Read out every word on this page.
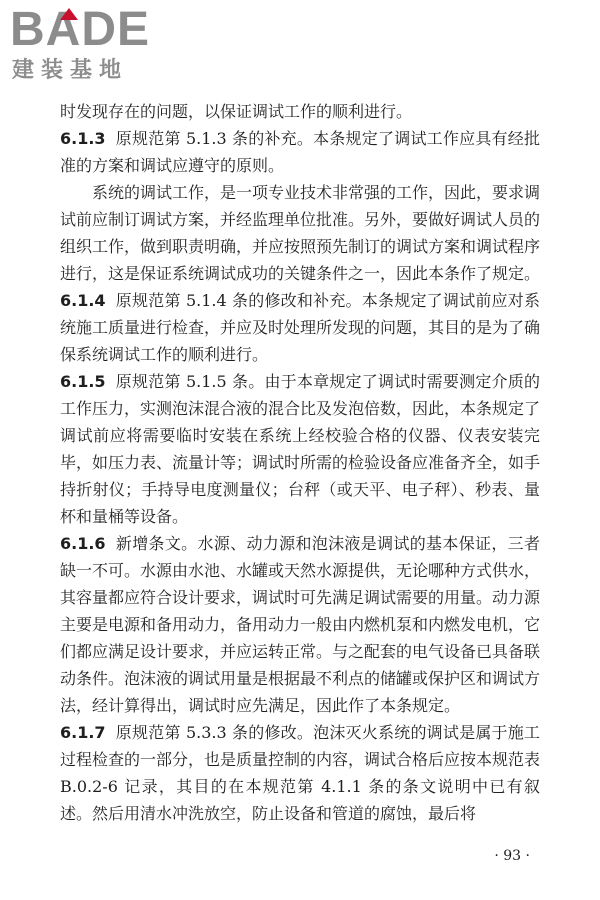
BADE
建装基地

时发现存在的问题，以保证调试工作的顺利进行。

6.1.3 原规范第 5.1.3 条的补充。本条规定了调试工作应具有经批准的方案和调试应遵守的原则。

系统的调试工作，是一项专业技术非常强的工作，因此，要求调试前应制订调试方案，并经监理单位批准。另外，要做好调试人员的组织工作，做到职责明确，并应按照预先制订的调试方案和调试程序进行，这是保证系统调试成功的关键条件之一，因此本条作了规定。

6.1.4 原规范第 5.1.4 条的修改和补充。本条规定了调试前应对系统施工质量进行检查，并应及时处理所发现的问题，其目的是为了确保系统调试工作的顺利进行。

6.1.5 原规范第 5.1.5 条。由于本章规定了调试时需要测定介质的工作压力，实测泡沫混合液的混合比及发泡倍数，因此，本条规定了调试前应将需要临时安装在系统上经校验合格的仪器、仪表安装完毕，如压力表、流量计等；调试时所需的检验设备应准备齐全，如手持折射仪；手持导电度测量仪；台秤（或天平、电子秤）、秒表、量杯和量桶等设备。

6.1.6 新增条文。水源、动力源和泡沫液是调试的基本保证，三者缺一不可。水源由水池、水罐或天然水源提供，无论哪种方式供水，其容量都应符合设计要求，调试时可先满足调试需要的用量。动力源主要是电源和备用动力，备用动力一般由内燃机泵和内燃发电机，它们都应满足设计要求，并应运转正常。与之配套的电气设备已具备联动条件。泡沫液的调试用量是根据最不利点的储罐或保护区和调试方法，经计算得出，调试时应先满足，因此作了本条规定。

6.1.7 原规范第 5.3.3 条的修改。泡沫灭火系统的调试是属于施工过程检查的一部分，也是质量控制的内容，调试合格后应按本规范表 B.0.2-6 记录，其目的在本规范第 4.1.1 条的条文说明中已有叙述。然后用清水冲洗放空，防止设备和管道的腐蚀，最后将

· 93 ·
